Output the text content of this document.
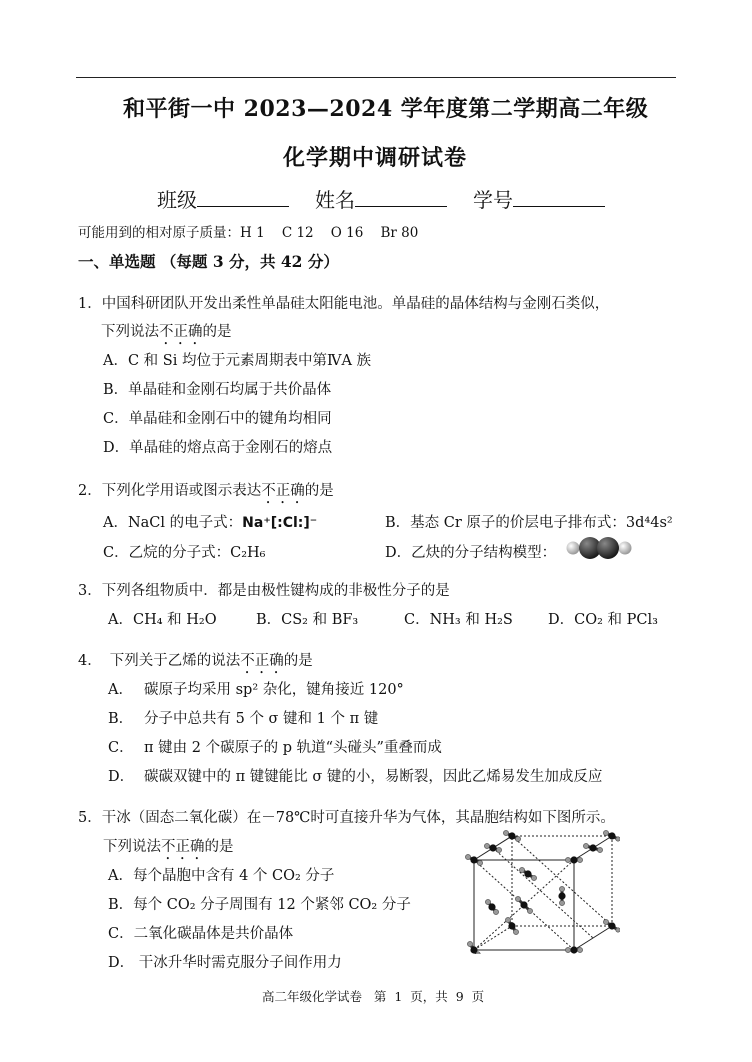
和平街一中 2023—2024 学年度第二学期高二年级
化学期中调研试卷
班级	姓名	学号
可能用到的相对原子质量：H 1    C 12    O 16    Br 80
一、单选题 （每题 3 分，共 42 分）
1．中国科研团队开发出柔性单晶硅太阳能电池。单晶硅的晶体结构与金刚石类似，
下列说法不正确的是
A．C 和 Si 均位于元素周期表中第ⅣA 族
B．单晶硅和金刚石均属于共价晶体
C．单晶硅和金刚石中的键角均相同
D．单晶硅的熔点高于金刚石的熔点
2．下列化学用语或图示表达不正确的是
A．NaCl 的电子式：Na⁺[:Cl:]⁻	B．基态 Cr 原子的价层电子排布式：3d⁴4s²
C．乙烷的分子式：C₂H₆	D．乙炔的分子结构模型：
3．下列各组物质中．都是由极性键构成的非极性分子的是
A．CH₄ 和 H₂O	B．CS₂ 和 BF₃	C．NH₃ 和 H₂S D．CO₂ 和 PCl₃
4． 下列关于乙烯的说法不正确的是
A． 碳原子均采用 sp² 杂化，键角接近 120°
B． 分子中总共有 5 个 σ 键和 1 个 π 键
C． π 键由 2 个碳原子的 p 轨道“头碰头”重叠而成
D． 碳碳双键中的 π 键键能比 σ 键的小，易断裂，因此乙烯易发生加成反应
5．干冰（固态二氧化碳）在－78℃时可直接升华为气体，其晶胞结构如下图所示。
下列说法不正确的是
A．每个晶胞中含有 4 个 CO₂ 分子
B．每个 CO₂ 分子周围有 12 个紧邻 CO₂ 分子
C．二氧化碳晶体是共价晶体
D． 干冰升华时需克服分子间作用力
高二年级化学试卷   第  1  页，共  9  页
